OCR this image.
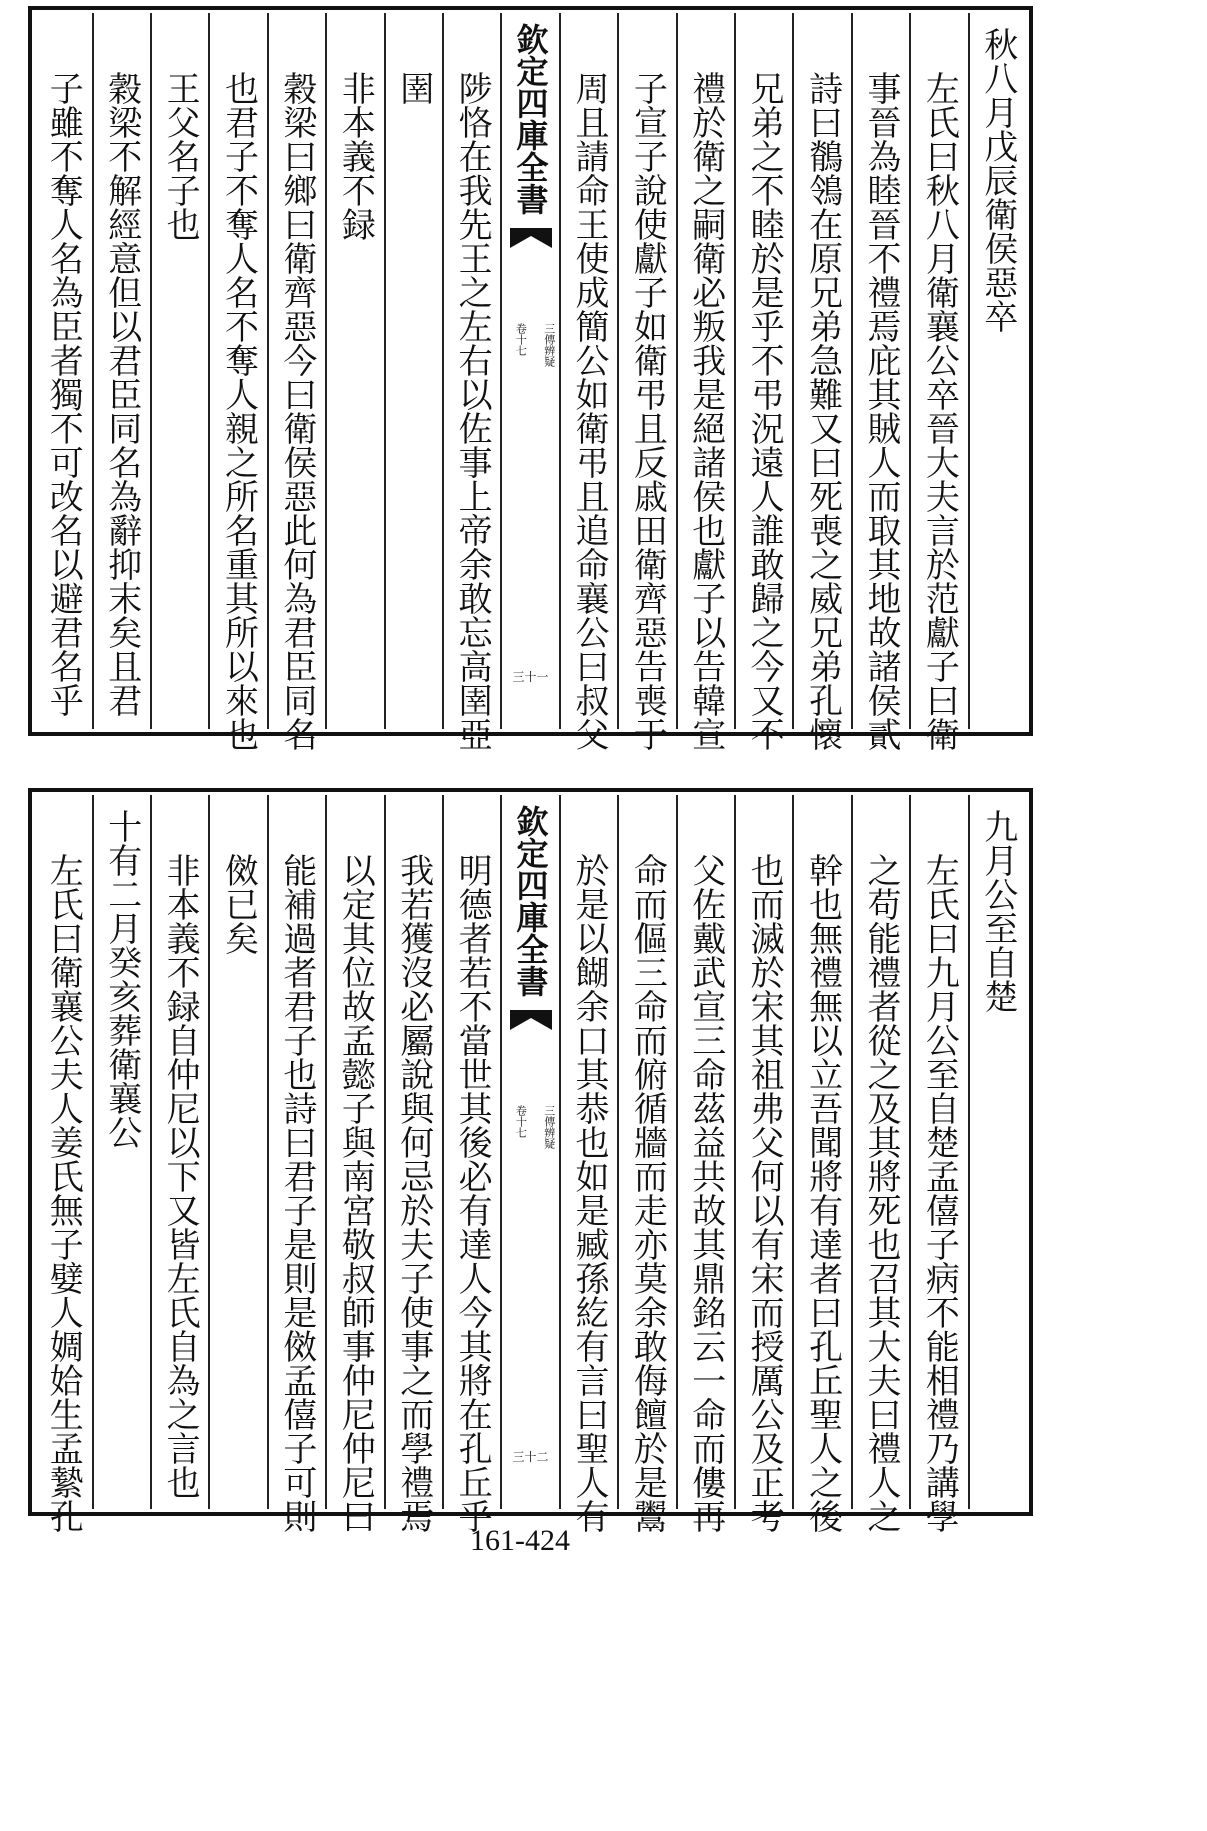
秋八月戊辰衛侯惡卒
左氏曰秋八月衛襄公卒晉大夫言於范獻子曰衛
事晉為睦晉不禮焉庇其賊人而取其地故諸侯貳
詩曰鶺鴒在原兄弟急難又曰死喪之威兄弟孔懷
兄弟之不睦於是乎不弔況遠人誰敢歸之今又不
禮於衛之嗣衛必叛我是絕諸侯也獻子以告韓宣
子宣子說使獻子如衛弔且反戚田衛齊惡告喪于
周且請命王使成簡公如衛弔且追命襄公曰叔父
欽定四庫全書
三傳辨疑
卷十七
三十一
陟恪在我先王之左右以佐事上帝余敢忘高圉亞
圉
非本義不録
穀梁曰鄉曰衛齊惡今曰衛侯惡此何為君臣同名
也君子不奪人名不奪人親之所名重其所以來也
王父名子也
穀梁不解經意但以君臣同名為辭抑末矣且君
子雖不奪人名為臣者獨不可改名以避君名乎
九月公至自楚
左氏曰九月公至自楚孟僖子病不能相禮乃講學
之苟能禮者從之及其將死也召其大夫曰禮人之
幹也無禮無以立吾聞將有達者曰孔丘聖人之後
也而滅於宋其祖弗父何以有宋而授厲公及正考
父佐戴武宣三命茲益共故其鼎銘云一命而僂再
命而傴三命而俯循牆而走亦莫余敢侮饘於是鬻
於是以餬余口其恭也如是臧孫紇有言曰聖人有
欽定四庫全書
三傳辨疑
卷十七
三十二
明德者若不當世其後必有達人今其將在孔丘乎
我若獲沒必屬說與何忌於夫子使事之而學禮焉
以定其位故孟懿子與南宮敬叔師事仲尼仲尼曰
能補過者君子也詩曰君子是則是傚孟僖子可則
傚已矣
非本義不録自仲尼以下又皆左氏自為之言也
十有二月癸亥葬衛襄公
左氏曰衛襄公夫人姜氏無子嬖人婤姶生孟縶孔
161-424
